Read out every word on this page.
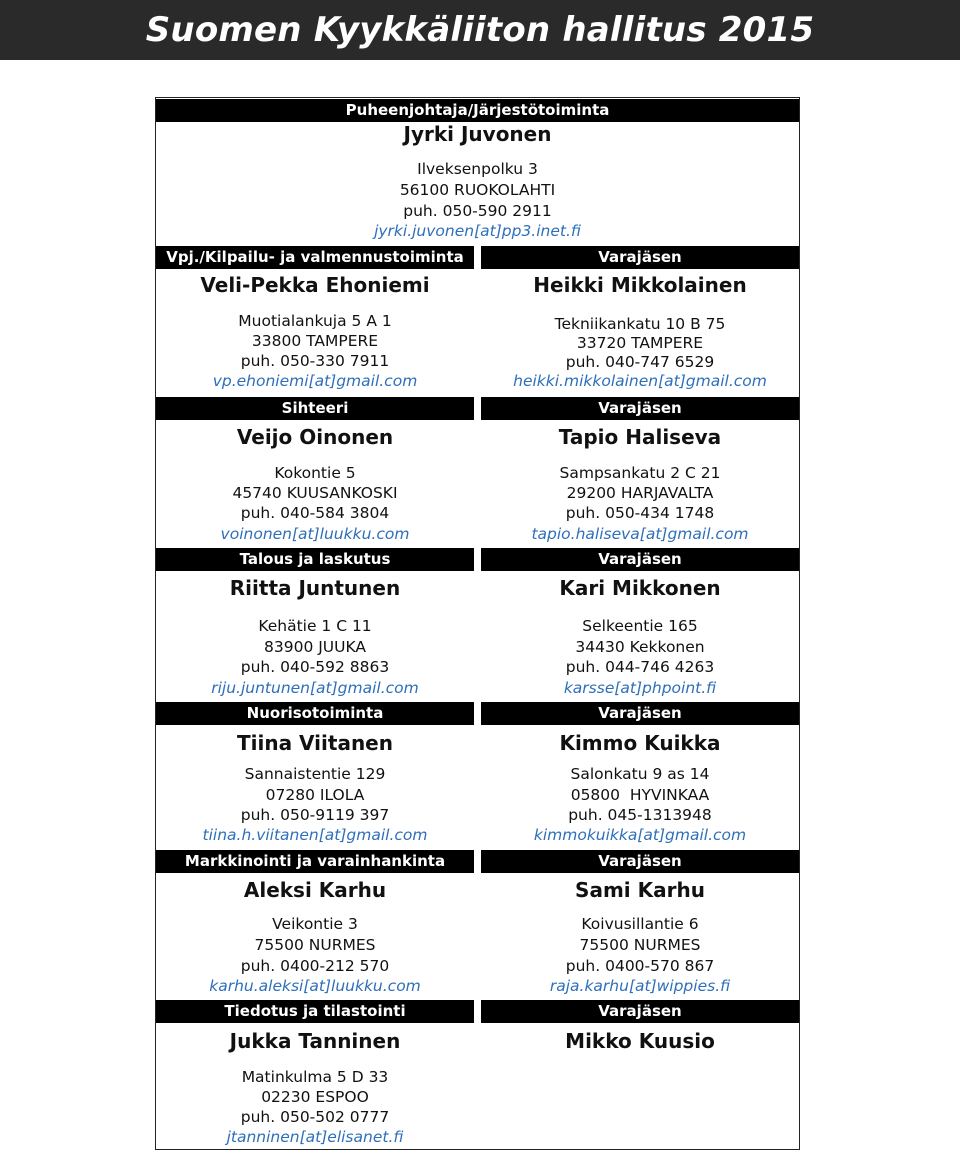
Suomen Kyykkäliiton hallitus 2015
Puheenjohtaja/Järjestötoiminta
Jyrki Juvonen
Ilveksenpolku 3
56100 RUOKOLAHTI
puh. 050-590 2911
jyrki.juvonen[at]pp3.inet.fi
Vpj./Kilpailu- ja valmennustoiminta
Veli-Pekka Ehoniemi
Muotialankuja 5 A 1
33800 TAMPERE
puh. 050-330 7911
vp.ehoniemi[at]gmail.com
Sihteeri
Veijo Oinonen
Kokontie 5
45740 KUUSANKOSKI
puh. 040-584 3804
voinonen[at]luukku.com
Talous ja laskutus
Riitta Juntunen
Kehätie 1 C 11
83900 JUUKA
puh. 040-592 8863
riju.juntunen[at]gmail.com
Nuorisotoiminta
Tiina Viitanen
Sannaistentie 129
07280 ILOLA
puh. 050-9119 397
tiina.h.viitanen[at]gmail.com
Markkinointi ja varainhankinta
Aleksi Karhu
Veikontie 3
75500 NURMES
puh. 0400-212 570
karhu.aleksi[at]luukku.com
Tiedotus ja tilastointi
Jukka Tanninen
Matinkulma 5 D 33
02230 ESPOO
puh. 050-502 0777
jtanninen[at]elisanet.fi
Varajäsen
Heikki Mikkolainen
Tekniikankatu 10 B 75
33720 TAMPERE
puh. 040-747 6529
heikki.mikkolainen[at]gmail.com
Varajäsen
Tapio Haliseva
Sampsankatu 2 C 21
29200 HARJAVALTA
puh. 050-434 1748
tapio.haliseva[at]gmail.com
Varajäsen
Kari Mikkonen
Selkeentie 165
34430 Kekkonen
puh. 044-746 4263
karsse[at]phpoint.fi
Varajäsen
Kimmo Kuikka
Salonkatu 9 as 14
05800  HYVINKAA
puh. 045-1313948
kimmokuikka[at]gmail.com
Varajäsen
Sami Karhu
Koivusillantie 6
75500 NURMES
puh. 0400-570 867
raja.karhu[at]wippies.fi
Varajäsen
Mikko Kuusio
